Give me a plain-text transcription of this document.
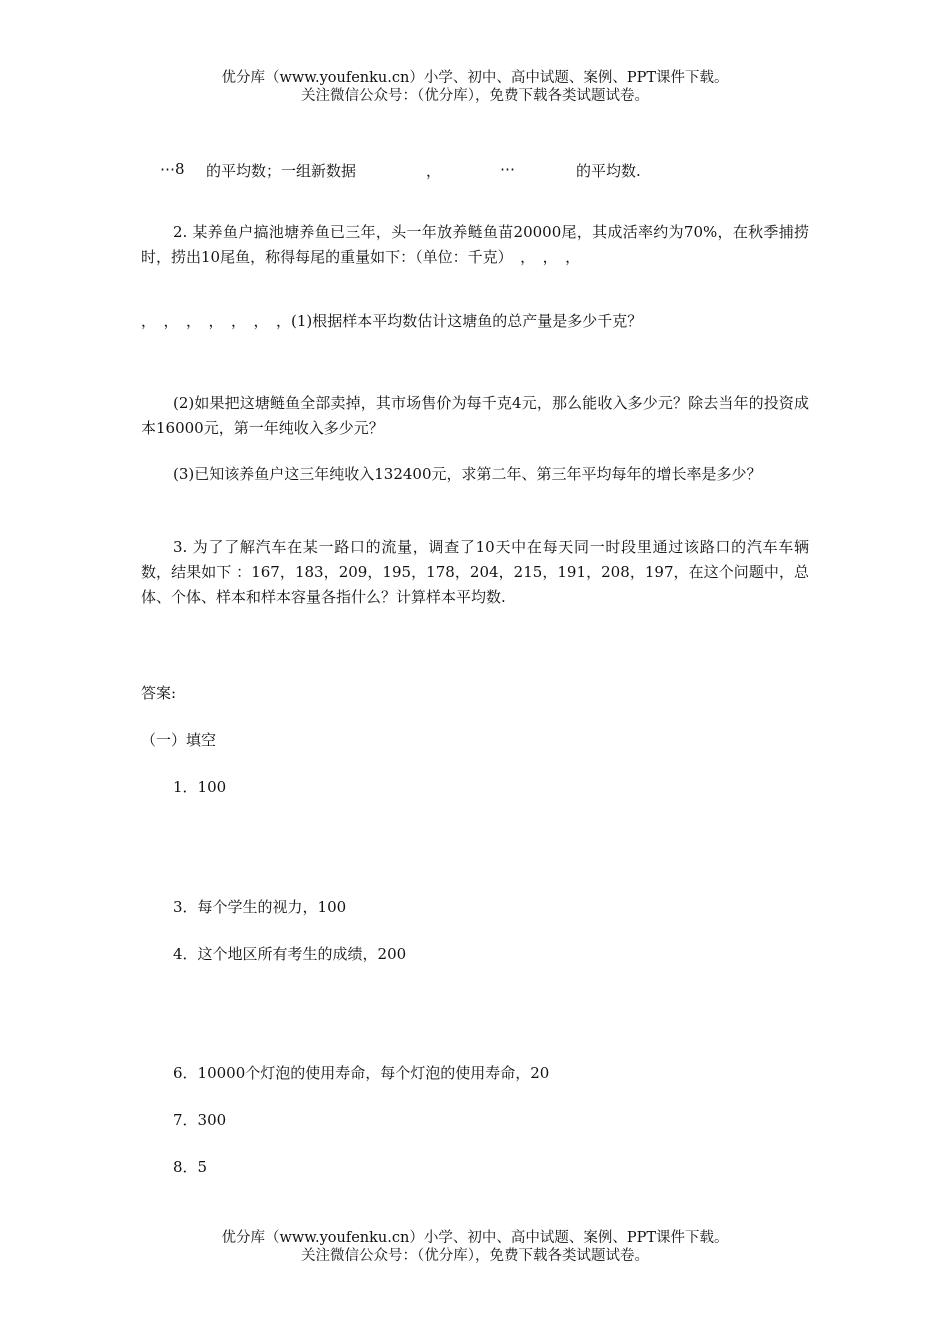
优分库（www.youfenku.cn）小学、初中、高中试题、案例、PPT课件下载。
关注微信公众号：（优分库），免费下载各类试题试卷。
⋯8 的平均数；一组新数据	，	⋯	的平均数.
2. 某养鱼户搞池塘养鱼已三年，头一年放养鲢鱼苗20000尾，其成活率约为70%，在秋季捕捞时，捞出10尾鱼，称得每尾的重量如下：（单位：千克）　，　，　，
，　，　，　，　，　，　，(1)根据样本平均数估计这塘鱼的总产量是多少千克？
(2)如果把这塘鲢鱼全部卖掉，其市场售价为每千克4元，那么能收入多少元？除去当年的投资成本16000元，第一年纯收入多少元？
(3)已知该养鱼户这三年纯收入132400元，求第二年、第三年平均每年的增长率是多少？
3. 为了了解汽车在某一路口的流量，调查了10天中在每天同一时段里通过该路口的汽车车辆数，结果如下 ：167，183，209，195，178，204，215，191，208，197，在这个问题中，总体、个体、样本和样本容量各指什么？计算样本平均数.
答案:
（一）填空
1．100
3．每个学生的视力，100
4．这个地区所有考生的成绩，200
6．10000个灯泡的使用寿命，每个灯泡的使用寿命，20
7．300
8．5
优分库（www.youfenku.cn）小学、初中、高中试题、案例、PPT课件下载。
关注微信公众号：（优分库），免费下载各类试题试卷。
